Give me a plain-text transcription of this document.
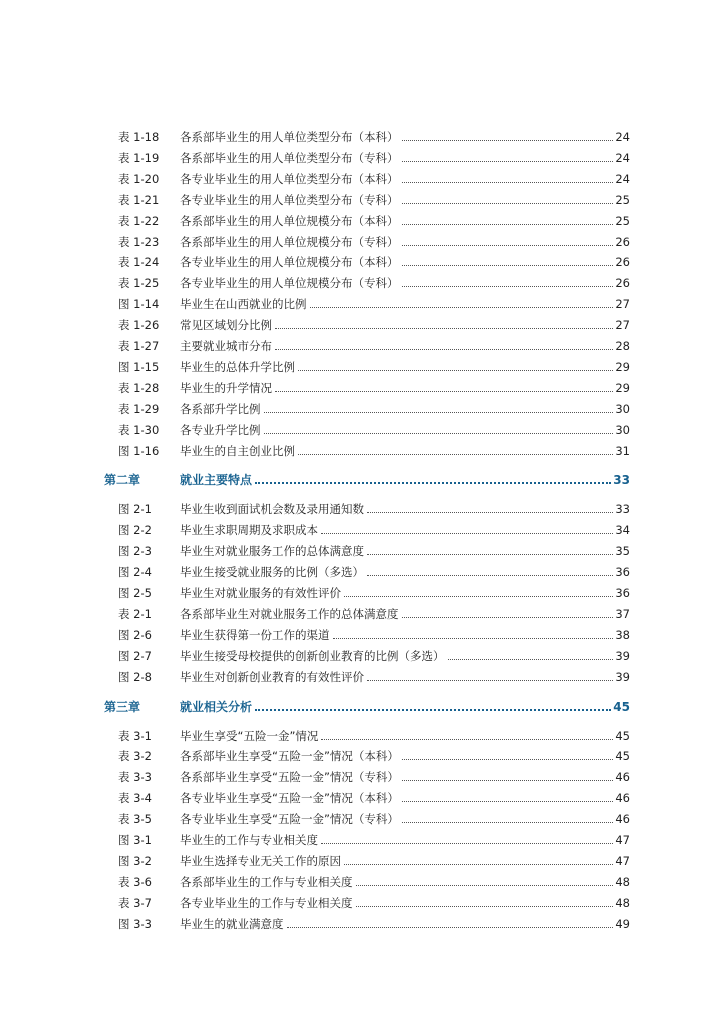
表 1-18	各系部毕业生的用人单位类型分布（本科）	24
表 1-19	各系部毕业生的用人单位类型分布（专科）	24
表 1-20	各专业毕业生的用人单位类型分布（本科）	24
表 1-21	各专业毕业生的用人单位类型分布（专科）	25
表 1-22	各系部毕业生的用人单位规模分布（本科）	25
表 1-23	各系部毕业生的用人单位规模分布（专科）	26
表 1-24	各专业毕业生的用人单位规模分布（本科）	26
表 1-25	各专业毕业生的用人单位规模分布（专科）	26
图 1-14	毕业生在山西就业的比例	27
表 1-26	常见区域划分比例	27
表 1-27	主要就业城市分布	28
图 1-15	毕业生的总体升学比例	29
表 1-28	毕业生的升学情况	29
表 1-29	各系部升学比例	30
表 1-30	各专业升学比例	30
图 1-16	毕业生的自主创业比例	31
第二章	就业主要特点	33
图 2-1	毕业生收到面试机会数及录用通知数	33
图 2-2	毕业生求职周期及求职成本	34
图 2-3	毕业生对就业服务工作的总体满意度	35
图 2-4	毕业生接受就业服务的比例（多选）	36
图 2-5	毕业生对就业服务的有效性评价	36
表 2-1	各系部毕业生对就业服务工作的总体满意度	37
图 2-6	毕业生获得第一份工作的渠道	38
图 2-7	毕业生接受母校提供的创新创业教育的比例（多选）	39
图 2-8	毕业生对创新创业教育的有效性评价	39
第三章	就业相关分析	45
表 3-1	毕业生享受“五险一金”情况	45
表 3-2	各系部毕业生享受“五险一金”情况（本科）	45
表 3-3	各系部毕业生享受“五险一金”情况（专科）	46
表 3-4	各专业毕业生享受“五险一金”情况（本科）	46
表 3-5	各专业毕业生享受“五险一金”情况（专科）	46
图 3-1	毕业生的工作与专业相关度	47
图 3-2	毕业生选择专业无关工作的原因	47
表 3-6	各系部毕业生的工作与专业相关度	48
表 3-7	各专业毕业生的工作与专业相关度	48
图 3-3	毕业生的就业满意度	49
